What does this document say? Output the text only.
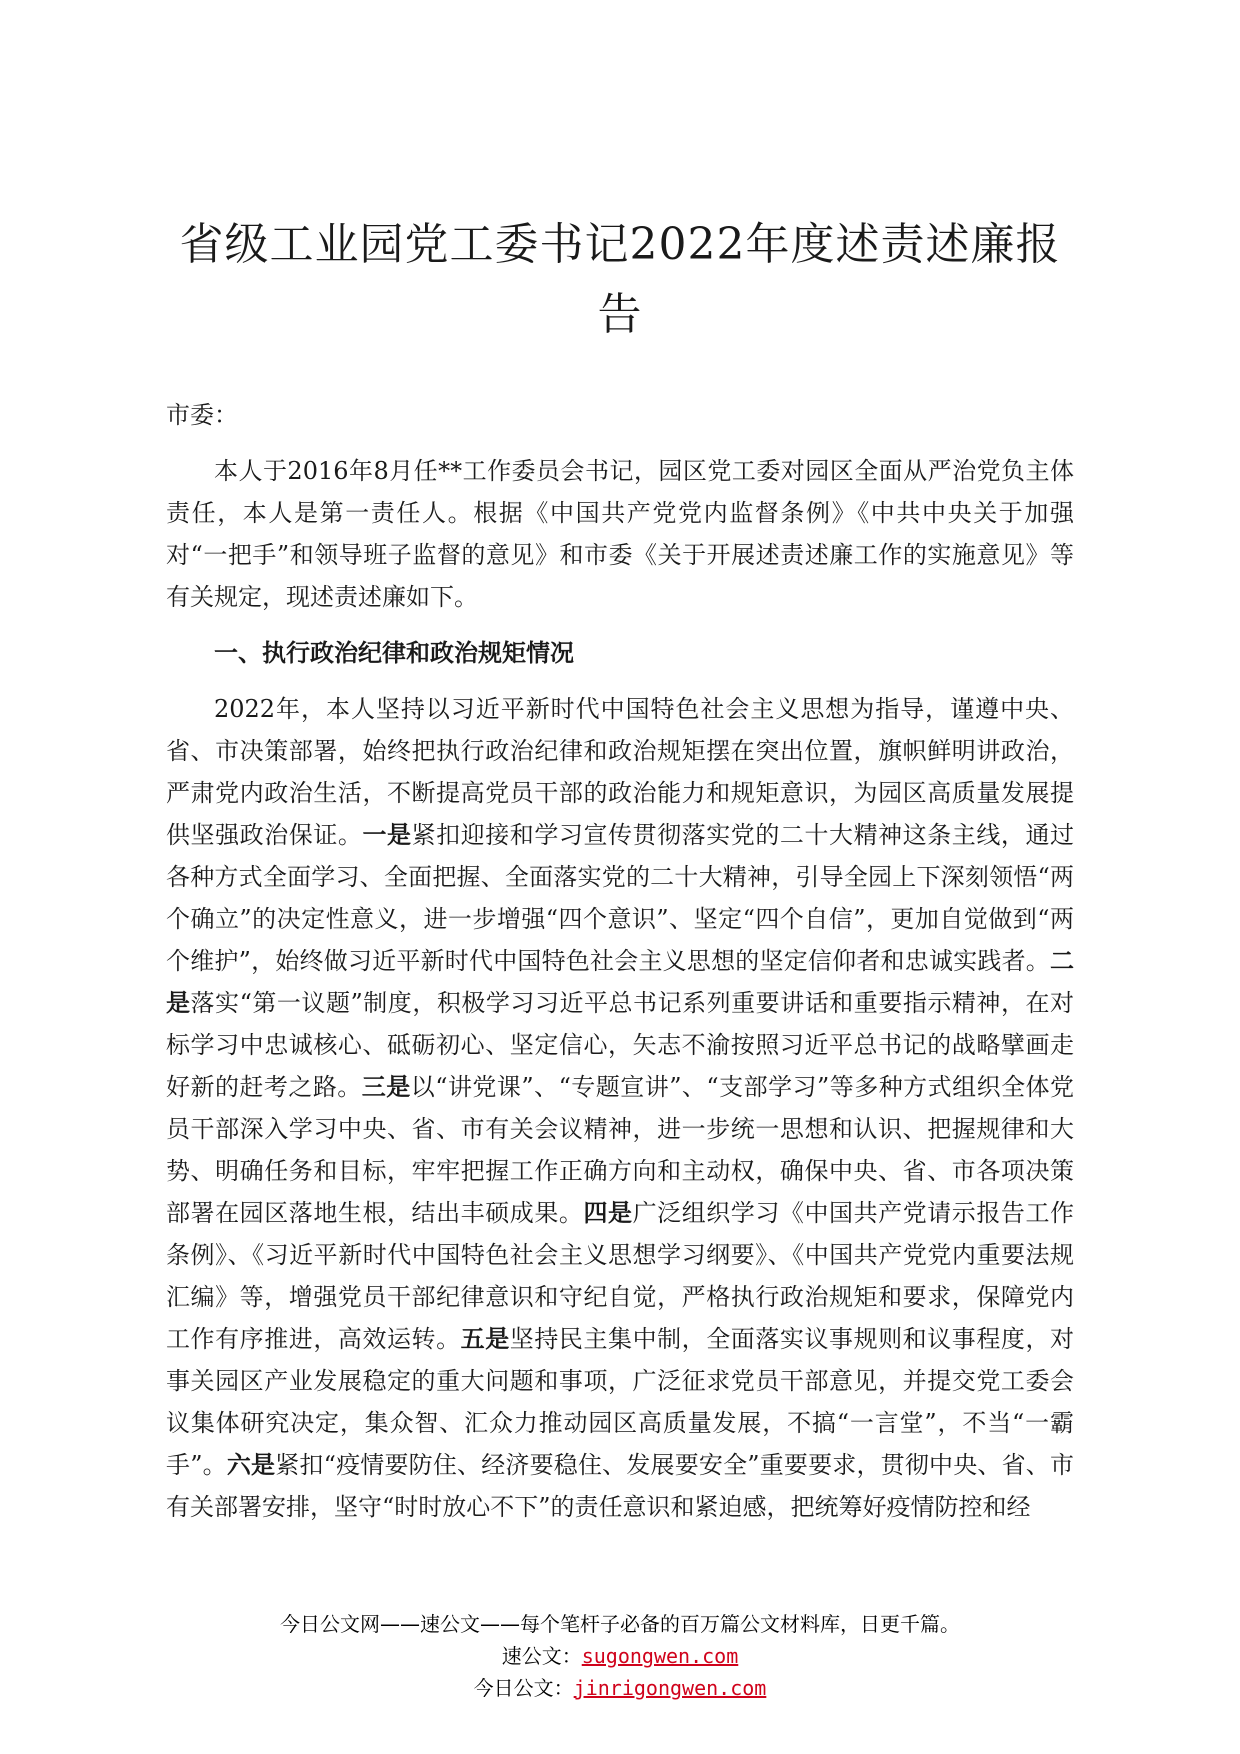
省级工业园党工委书记2022年度述责述廉报告

市委：

本人于2016年8月任**工作委员会书记，园区党工委对园区全面从严治党负主体责任，本人是第一责任人。根据《中国共产党党内监督条例》《中共中央关于加强对“一把手”和领导班子监督的意见》和市委《关于开展述责述廉工作的实施意见》等有关规定，现述责述廉如下。

一、执行政治纪律和政治规矩情况

2022年，本人坚持以习近平新时代中国特色社会主义思想为指导，谨遵中央、省、市决策部署，始终把执行政治纪律和政治规矩摆在突出位置，旗帜鲜明讲政治，严肃党内政治生活，不断提高党员干部的政治能力和规矩意识，为园区高质量发展提供坚强政治保证。一是紧扣迎接和学习宣传贯彻落实党的二十大精神这条主线，通过各种方式全面学习、全面把握、全面落实党的二十大精神，引导全园上下深刻领悟“两个确立”的决定性意义，进一步增强“四个意识”、坚定“四个自信”，更加自觉做到“两个维护”，始终做习近平新时代中国特色社会主义思想的坚定信仰者和忠诚实践者。二是落实“第一议题”制度，积极学习习近平总书记系列重要讲话和重要指示精神，在对标学习中忠诚核心、砥砺初心、坚定信心，矢志不渝按照习近平总书记的战略擘画走好新的赶考之路。三是以“讲党课”、“专题宣讲”、“支部学习”等多种方式组织全体党员干部深入学习中央、省、市有关会议精神，进一步统一思想和认识、把握规律和大势、明确任务和目标，牢牢把握工作正确方向和主动权，确保中央、省、市各项决策部署在园区落地生根，结出丰硕成果。四是广泛组织学习《中国共产党请示报告工作条例》、《习近平新时代中国特色社会主义思想学习纲要》、《中国共产党党内重要法规汇编》等，增强党员干部纪律意识和守纪自觉，严格执行政治规矩和要求，保障党内工作有序推进，高效运转。五是坚持民主集中制，全面落实议事规则和议事程度，对事关园区产业发展稳定的重大问题和事项，广泛征求党员干部意见，并提交党工委会议集体研究决定，集众智、汇众力推动园区高质量发展，不搞“一言堂”，不当“一霸手”。六是紧扣“疫情要防住、经济要稳住、发展要安全”重要要求，贯彻中央、省、市有关部署安排，坚守“时时放心不下”的责任意识和紧迫感，把统筹好疫情防控和经

今日公文网——速公文——每个笔杆子必备的百万篇公文材料库，日更千篇。
速公文：sugongwen.com
今日公文：jinrigongwen.com
